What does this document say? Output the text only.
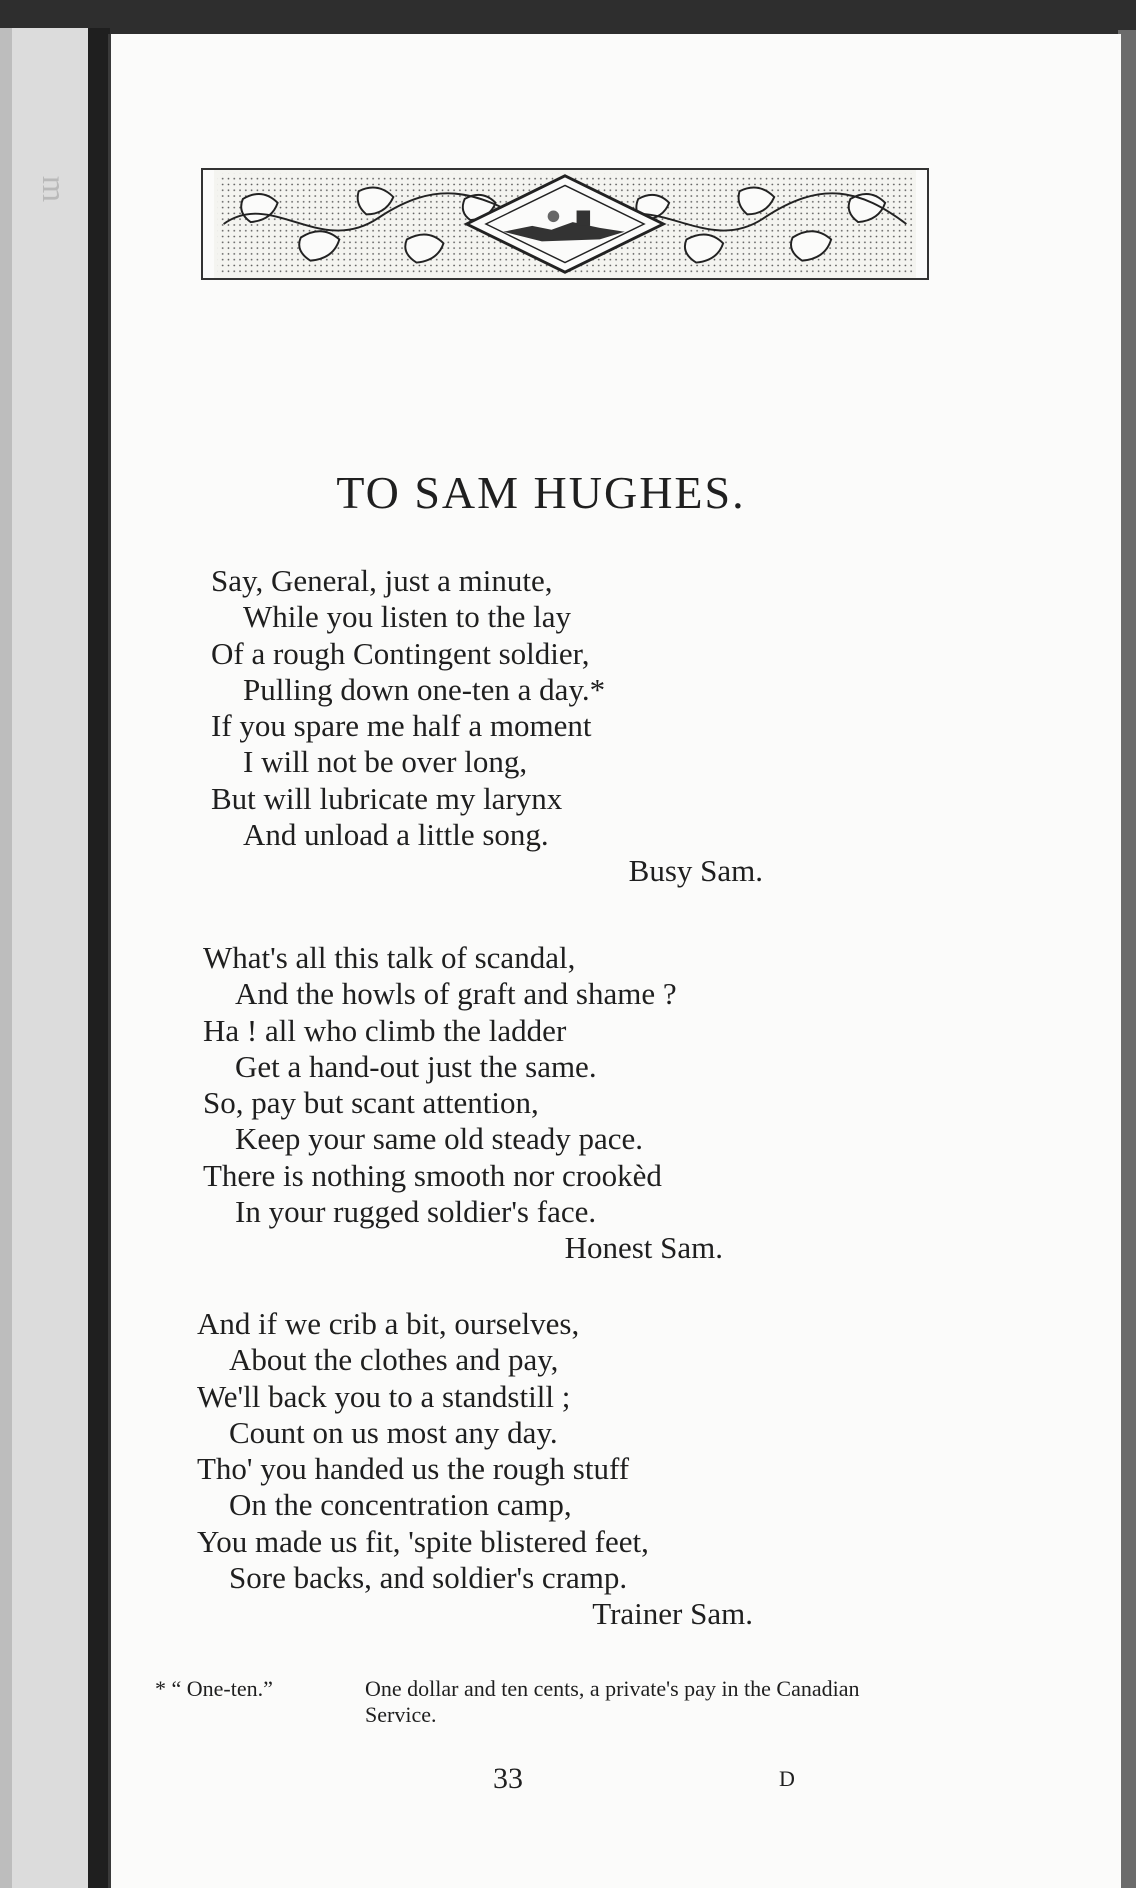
m
TO SAM HUGHES.
Say, General, just a minute,
While you listen to the lay
Of a rough Contingent soldier,
Pulling down one-ten a day.*
If you spare me half a moment
I will not be over long,
But will lubricate my larynx
And unload a little song.
Busy Sam.
What's all this talk of scandal,
And the howls of graft and shame ?
Ha ! all who climb the ladder
Get a hand-out just the same.
So, pay but scant attention,
Keep your same old steady pace.
There is nothing smooth nor crookèd
In your rugged soldier's face.
Honest Sam.
And if we crib a bit, ourselves,
About the clothes and pay,
We'll back you to a standstill ;
Count on us most any day.
Tho' you handed us the rough stuff
On the concentration camp,
You made us fit, 'spite blistered feet,
Sore backs, and soldier's cramp.
Trainer Sam.
* “ One-ten.”	One dollar and ten cents, a private's pay in the Canadian Service.
33	D
